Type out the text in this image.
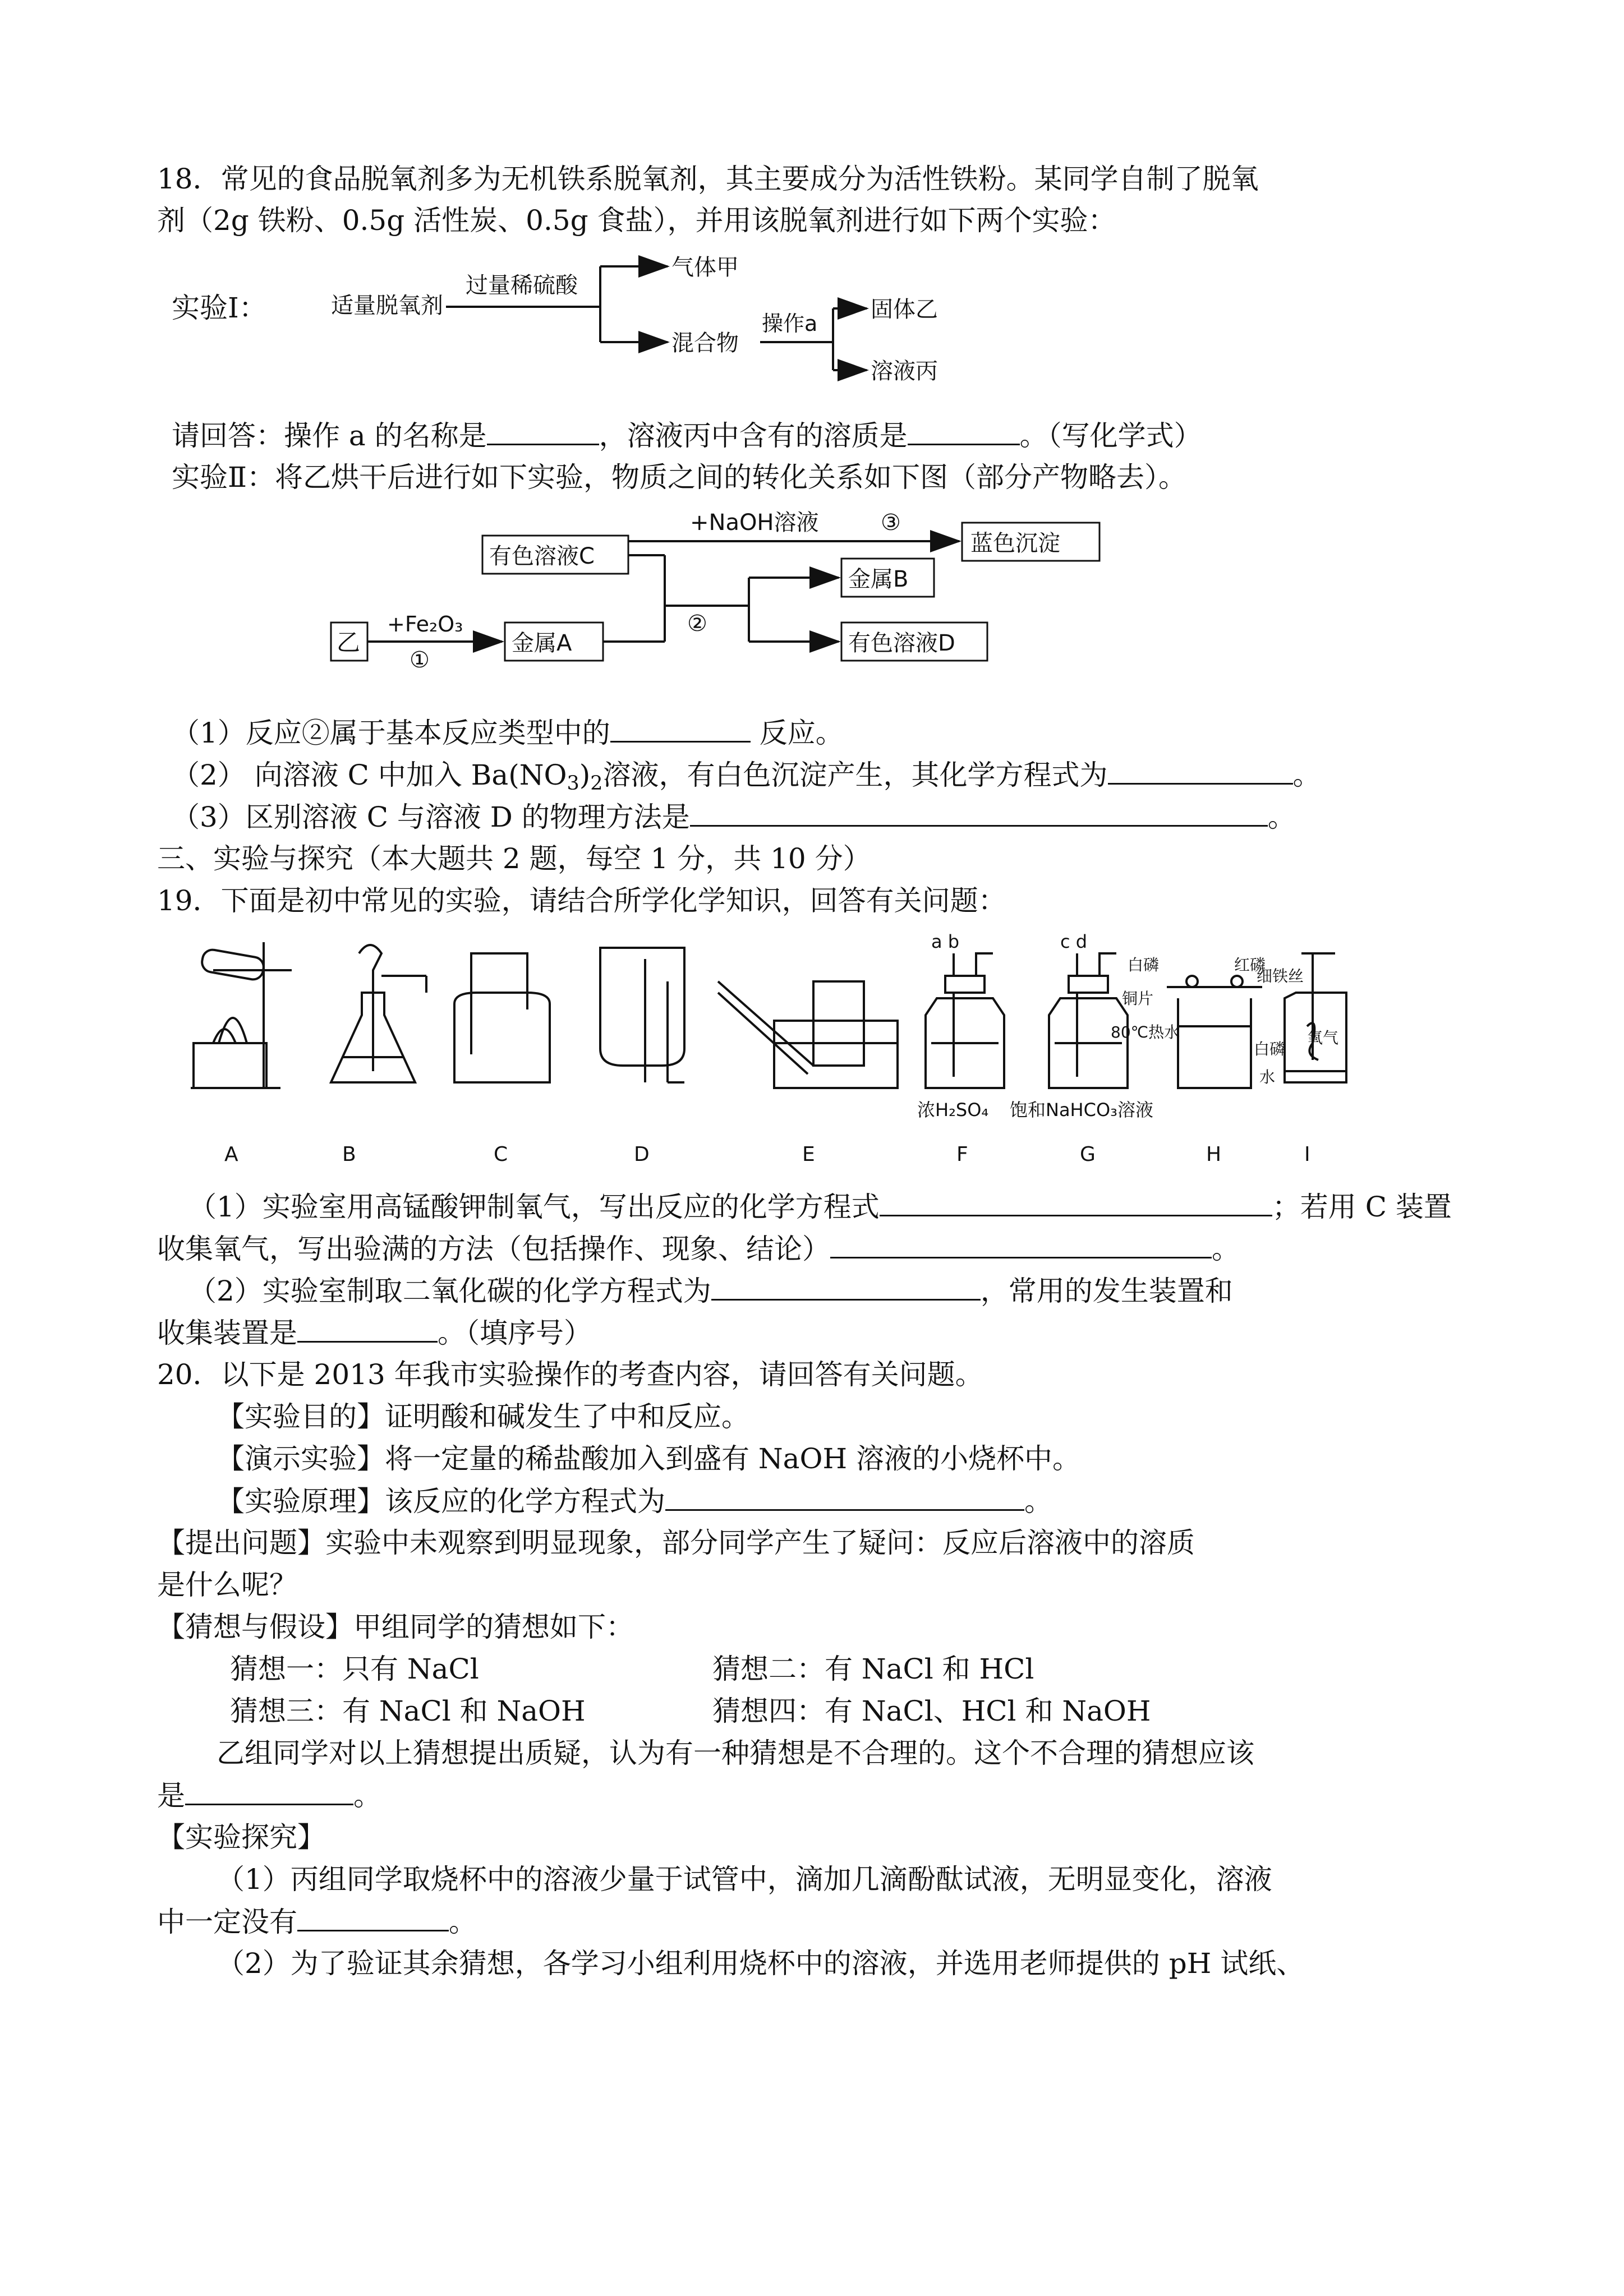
18．常见的食品脱氧剂多为无机铁系脱氧剂，其主要成分为活性铁粉。某同学自制了脱氧
剂（2g 铁粉、0.5g 活性炭、0.5g 食盐），并用该脱氧剂进行如下两个实验：
实验Ⅰ：	适量脱氧剂
过量稀硫酸
气体甲
混合物
操作a
固体乙
溶液丙
请回答：操作 a 的名称是	，溶液丙中含有的溶质是	。（写化学式）
实验Ⅱ：将乙烘干后进行如下实验，物质之间的转化关系如下图（部分产物略去）。
乙
+Fe₂O₃
①
金属A
有色溶液C
+NaOH溶液	③
蓝色沉淀
②
金属B
有色溶液D
（1）反应②属于基本反应类型中的	反应。
（2） 向溶液 C 中加入 $Ba(NO_3)_2$溶液，有白色沉淀产生，其化学方程式为	。
（3）区别溶液 C 与溶液 D 的物理方法是	。
三、实验与探究（本大题共 2 题，每空 1 分，共 10 分）
19．下面是初中常见的实验，请结合所学化学知识，回答有关问题：
a b	c d
浓H₂SO₄ 饱和NaHCO₃溶液
白磷	红磷
铜片
80℃热水
白磷
细铁丝
氧气
水
A	B	C	D	E	F	G	H	I
（1）实验室用高锰酸钾制氧气，写出反应的化学方程式	；若用 C 装置
收集氧气，写出验满的方法（包括操作、现象、结论）	。
（2）实验室制取二氧化碳的化学方程式为	，常用的发生装置和
收集装置是	。（填序号）
20．以下是 2013 年我市实验操作的考查内容，请回答有关问题。
【实验目的】证明酸和碱发生了中和反应。
【演示实验】将一定量的稀盐酸加入到盛有 NaOH 溶液的小烧杯中。
【实验原理】该反应的化学方程式为	。
【提出问题】实验中未观察到明显现象，部分同学产生了疑问：反应后溶液中的溶质
是什么呢？
【猜想与假设】甲组同学的猜想如下：
猜想一：只有 NaCl	猜想二：有 NaCl 和 HCl
猜想三：有 NaCl 和 NaOH	猜想四：有 NaCl、HCl 和 NaOH
乙组同学对以上猜想提出质疑，认为有一种猜想是不合理的。这个不合理的猜想应该
是	。
【实验探究】
（1）丙组同学取烧杯中的溶液少量于试管中，滴加几滴酚酞试液，无明显变化，溶液
中一定没有	。
（2）为了验证其余猜想，各学习小组利用烧杯中的溶液，并选用老师提供的 pH 试纸、
